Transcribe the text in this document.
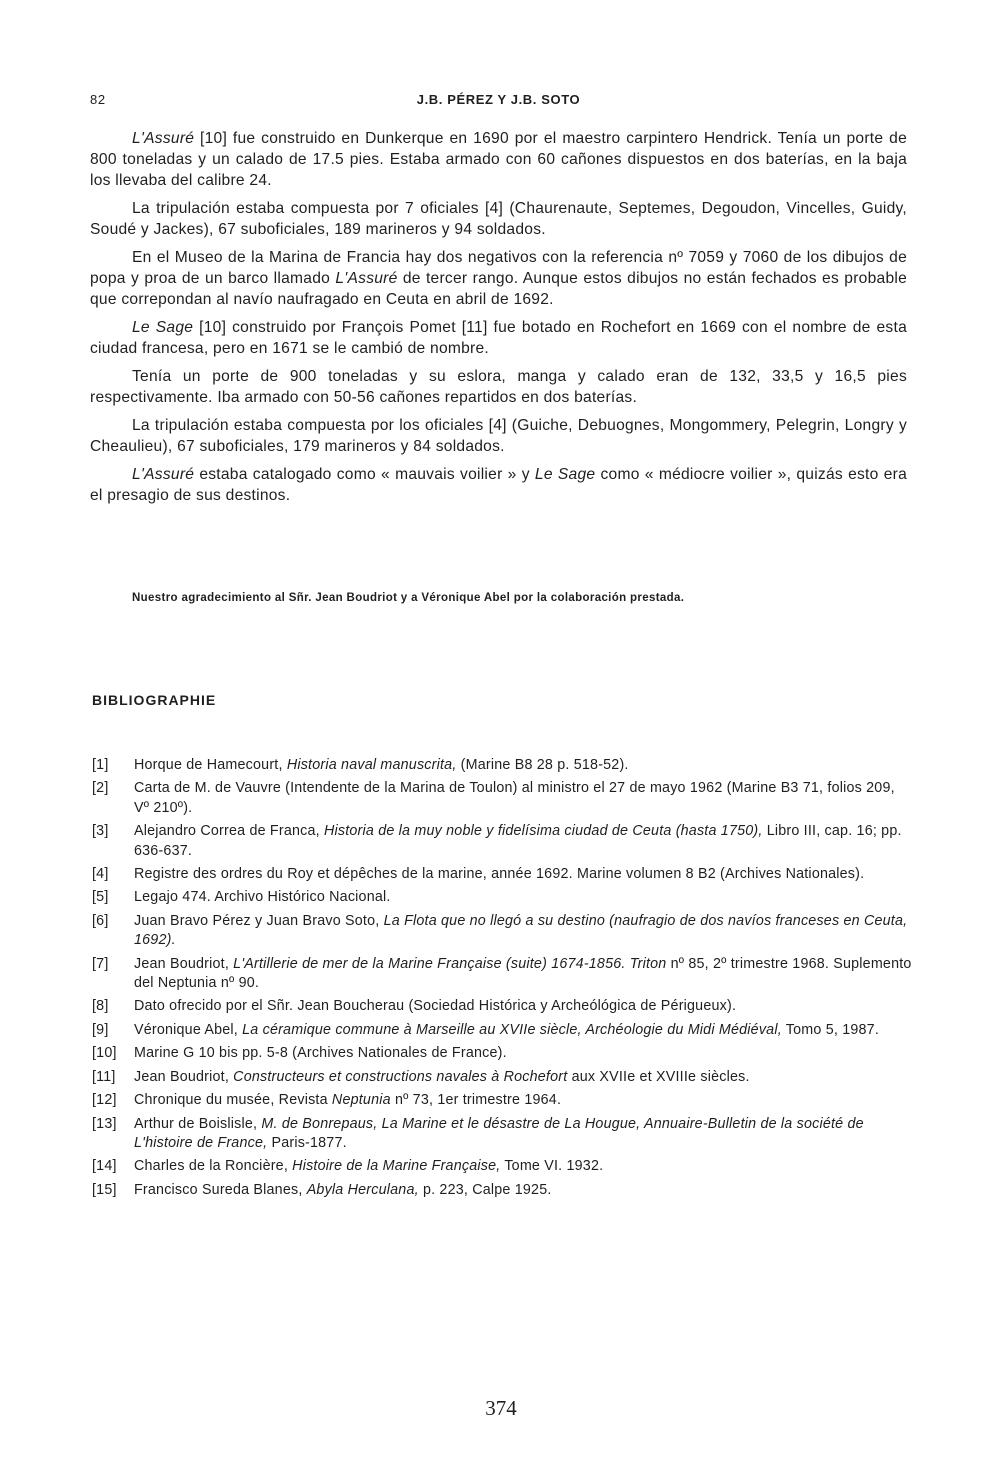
82	J.B. PÉREZ Y J.B. SOTO

L'Assuré [10] fue construido en Dunkerque en 1690 por el maestro carpintero Hendrick. Tenía un porte de 800 toneladas y un calado de 17.5 pies. Estaba armado con 60 cañones dispuestos en dos baterías, en la baja los llevaba del calibre 24.

La tripulación estaba compuesta por 7 oficiales [4] (Chaurenaute, Septemes, Degoudon, Vincelles, Guidy, Soudé y Jackes), 67 suboficiales, 189 marineros y 94 soldados.

En el Museo de la Marina de Francia hay dos negativos con la referencia nº 7059 y 7060 de los dibujos de popa y proa de un barco llamado L'Assuré de tercer rango. Aunque estos dibujos no están fechados es probable que correpondan al navío naufragado en Ceuta en abril de 1692.

Le Sage [10] construido por François Pomet [11] fue botado en Rochefort en 1669 con el nombre de esta ciudad francesa, pero en 1671 se le cambió de nombre.

Tenía un porte de 900 toneladas y su eslora, manga y calado eran de 132, 33,5 y 16,5 pies respectivamente. Iba armado con 50-56 cañones repartidos en dos baterías.

La tripulación estaba compuesta por los oficiales [4] (Guiche, Debuognes, Mongommery, Pelegrin, Longry y Cheaulieu), 67 suboficiales, 179 marineros y 84 soldados.

L'Assuré estaba catalogado como « mauvais voilier » y Le Sage como « médiocre voilier », quizás esto era el presagio de sus destinos.

Nuestro agradecimiento al Sñr. Jean Boudriot y a Véronique Abel por la colaboración prestada.
BIBLIOGRAPHIE
[1]	Horque de Hamecourt, Historia naval manuscrita, (Marine B8 28 p. 518-52).
[2]	Carta de M. de Vauvre (Intendente de la Marina de Toulon) al ministro el 27 de mayo 1962 (Marine B3 71, folios 209, Vº 210º).
[3]	Alejandro Correa de Franca, Historia de la muy noble y fidelísima ciudad de Ceuta (hasta 1750), Libro III, cap. 16; pp. 636-637.
[4]	Registre des ordres du Roy et dépêches de la marine, année 1692. Marine volumen 8 B2 (Archives Nationales).
[5]	Legajo 474. Archivo Histórico Nacional.
[6]	Juan Bravo Pérez y Juan Bravo Soto, La Flota que no llegó a su destino (naufragio de dos navíos franceses en Ceuta, 1692).
[7]	Jean Boudriot, L'Artillerie de mer de la Marine Française (suite) 1674-1856. Triton nº 85, 2º trimestre 1968. Suplemento del Neptunia nº 90.
[8]	Dato ofrecido por el Sñr. Jean Boucherau (Sociedad Histórica y Archeólógica de Périgueux).
[9]	Véronique Abel, La céramique commune à Marseille au XVIIe siècle, Archéologie du Midi Médiéval, Tomo 5, 1987.
[10]	Marine G 10 bis pp. 5-8 (Archives Nationales de France).
[11]	Jean Boudriot, Constructeurs et constructions navales à Rochefort aux XVIIe et XVIIIe siècles.
[12]	Chronique du musée, Revista Neptunia nº 73, 1er trimestre 1964.
[13]	Arthur de Boislisle, M. de Bonrepaus, La Marine et le désastre de La Hougue, Annuaire-Bulletin de la société de L'histoire de France, Paris-1877.
[14]	Charles de la Roncière, Histoire de la Marine Française, Tome VI. 1932.
[15]	Francisco Sureda Blanes, Abyla Herculana, p. 223, Calpe 1925.
374
